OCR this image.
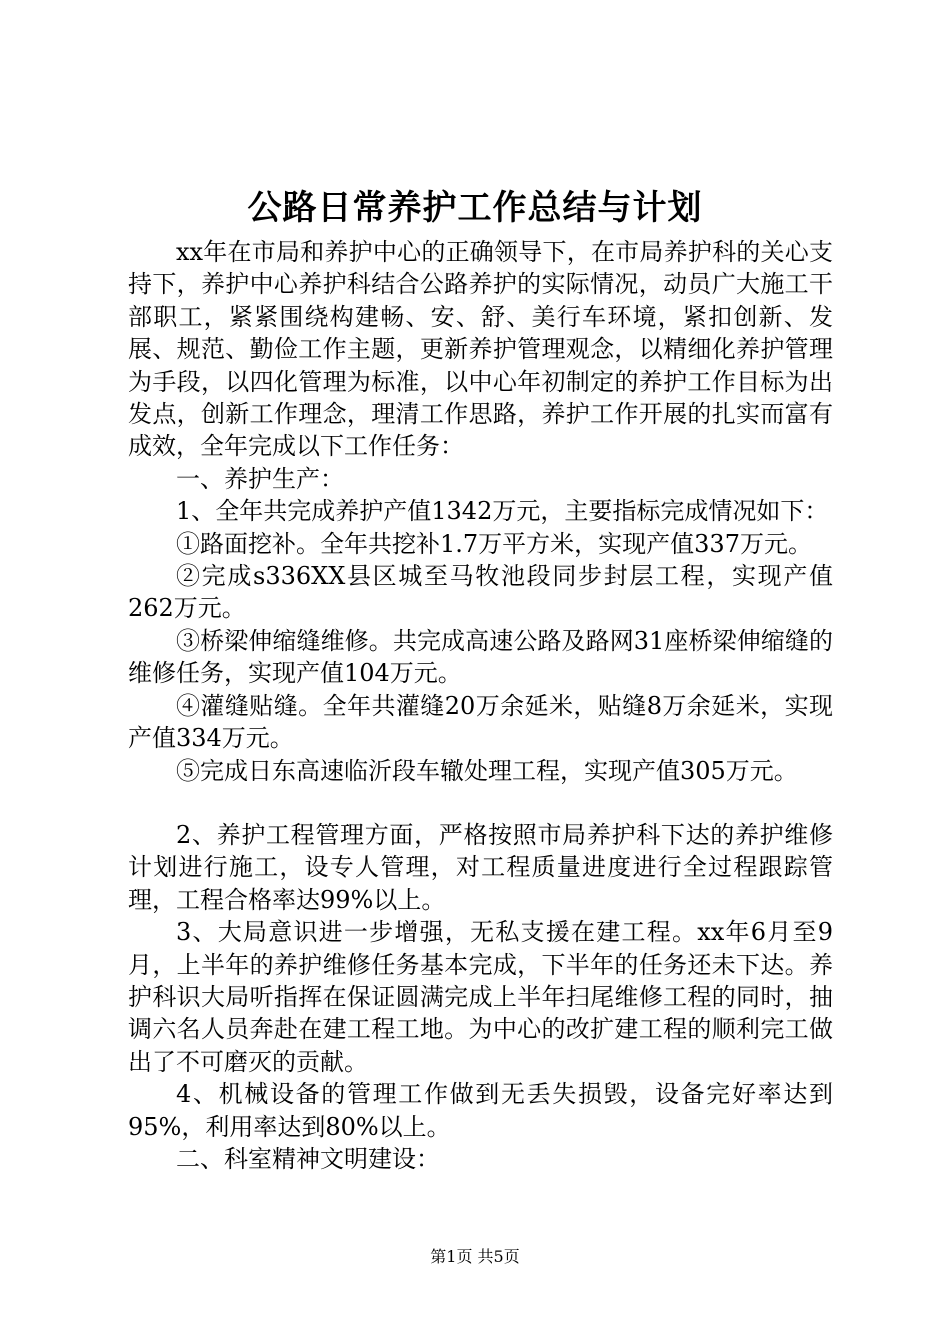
公路日常养护工作总结与计划

xx年在市局和养护中心的正确领导下，在市局养护科的关心支持下，养护中心养护科结合公路养护的实际情况，动员广大施工干部职工，紧紧围绕构建畅、安、舒、美行车环境，紧扣创新、发展、规范、勤俭工作主题，更新养护管理观念，以精细化养护管理为手段，以四化管理为标准，以中心年初制定的养护工作目标为出发点，创新工作理念，理清工作思路，养护工作开展的扎实而富有成效，全年完成以下工作任务：

一、养护生产：

1、全年共完成养护产值1342万元，主要指标完成情况如下：

①路面挖补。全年共挖补1.7万平方米，实现产值337万元。

②完成s336XX县区城至马牧池段同步封层工程，实现产值262万元。

③桥梁伸缩缝维修。共完成高速公路及路网31座桥梁伸缩缝的维修任务，实现产值104万元。

④灌缝贴缝。全年共灌缝20万余延米，贴缝8万余延米，实现产值334万元。

⑤完成日东高速临沂段车辙处理工程，实现产值305万元。

2、养护工程管理方面，严格按照市局养护科下达的养护维修计划进行施工，设专人管理，对工程质量进度进行全过程跟踪管理，工程合格率达99%以上。

3、大局意识进一步增强，无私支援在建工程。xx年6月至9月，上半年的养护维修任务基本完成，下半年的任务还未下达。养护科识大局听指挥在保证圆满完成上半年扫尾维修工程的同时，抽调六名人员奔赴在建工程工地。为中心的改扩建工程的顺利完工做出了不可磨灭的贡献。

4、机械设备的管理工作做到无丢失损毁，设备完好率达到95%，利用率达到80%以上。

二、科室精神文明建设：

第1页 共5页
